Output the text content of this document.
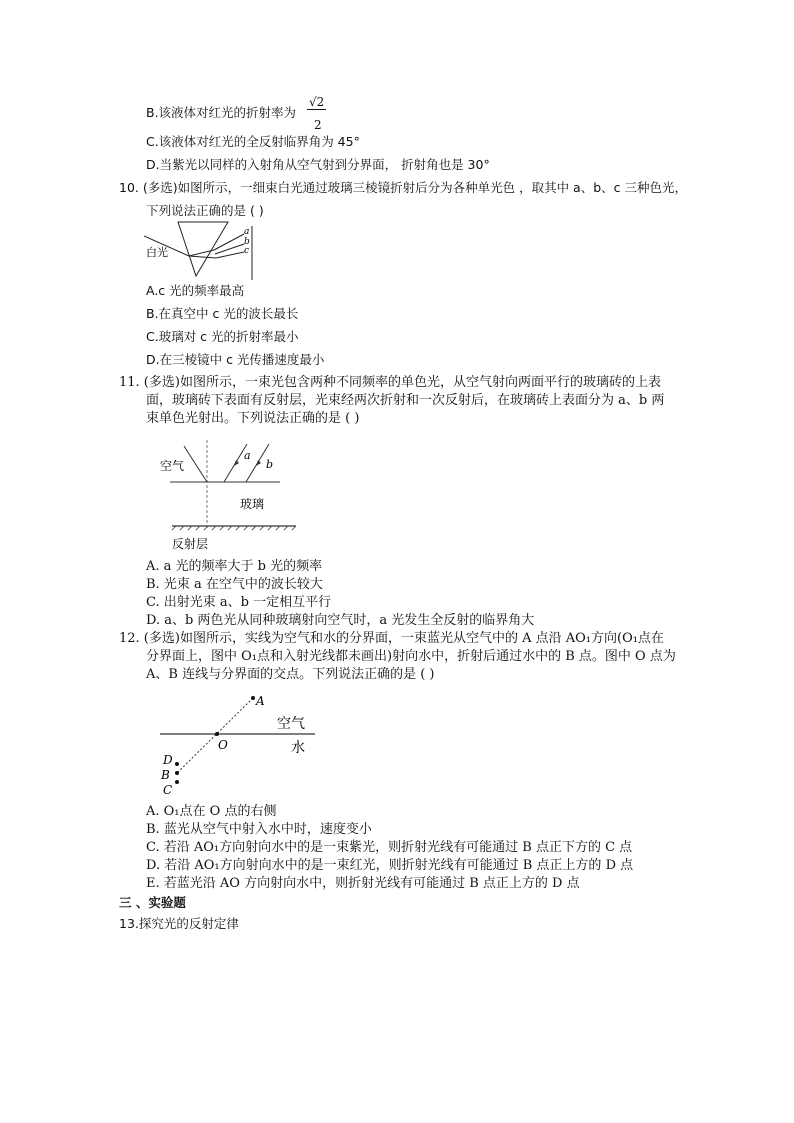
B.该液体对红光的折射率为
√2
2
C.该液体对红光的全反射临界角为 45°
D.当紫光以同样的入射角从空气射到分界面， 折射角也是 30°
10. (多选)如图所示，一细束白光通过玻璃三棱镜折射后分为各种单光色 ，取其中 a、b、c 三种色光，
下列说法正确的是 ( )
白光
a
b
c
A.c 光的频率最高
B.在真空中 c 光的波长最长
C.玻璃对 c 光的折射率最小
D.在三棱镜中 c 光传播速度最小
11. (多选)如图所示，一束光包含两种不同频率的单色光，从空气射向两面平行的玻璃砖的上表
面，玻璃砖下表面有反射层，光束经两次折射和一次反射后，在玻璃砖上表面分为 a、b 两
束单色光射出。下列说法正确的是 ( )
空气
玻璃
反射层
a
b
A. a 光的频率大于 b 光的频率
B. 光束 a 在空气中的波长较大
C. 出射光束 a、b 一定相互平行
D. a、b 两色光从同种玻璃射向空气时，a 光发生全反射的临界角大
12. (多选)如图所示，实线为空气和水的分界面，一束蓝光从空气中的 A 点沿 AO₁方向(O₁点在
分界面上，图中 O₁点和入射光线都未画出)射向水中，折射后通过水中的 B 点。图中 O 点为
A、B 连线与分界面的交点。下列说法正确的是 ( )
A
O
D
B
C
空气
水
A. O₁点在 O 点的右侧
B. 蓝光从空气中射入水中时，速度变小
C. 若沿 AO₁方向射向水中的是一束紫光，则折射光线有可能通过 B 点正下方的 C 点
D. 若沿 AO₁方向射向水中的是一束红光，则折射光线有可能通过 B 点正上方的 D 点
E. 若蓝光沿 AO 方向射向水中，则折射光线有可能通过 B 点正上方的 D 点
三 、实验题
13.探究光的反射定律
